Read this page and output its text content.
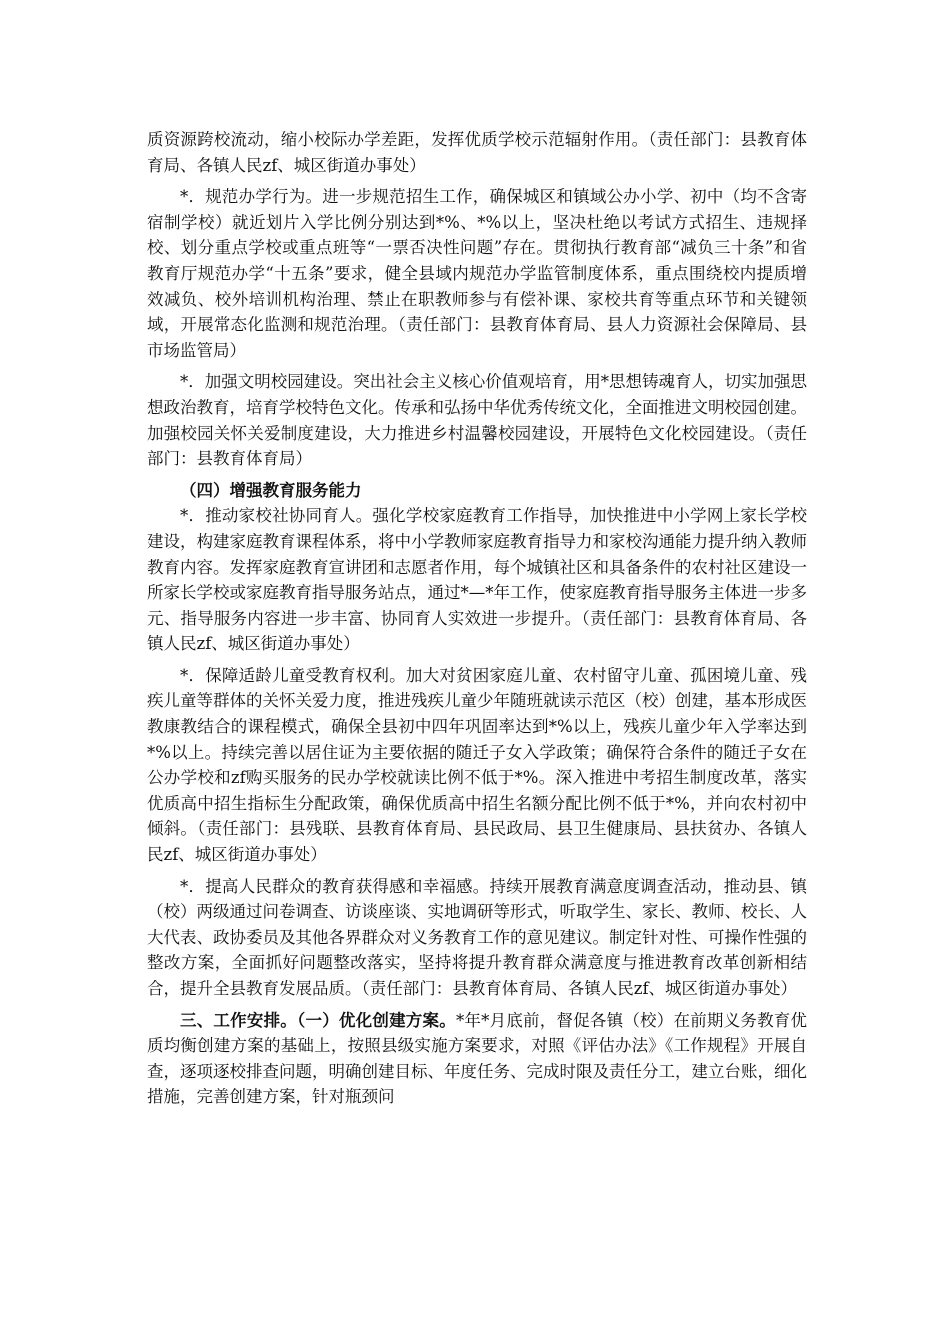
质资源跨校流动，缩小校际办学差距，发挥优质学校示范辐射作用。（责任部门：县教育体育局、各镇人民zf、城区街道办事处）

*．规范办学行为。进一步规范招生工作，确保城区和镇域公办小学、初中（均不含寄宿制学校）就近划片入学比例分别达到*%、*%以上，坚决杜绝以考试方式招生、违规择校、划分重点学校或重点班等“一票否决性问题”存在。贯彻执行教育部“减负三十条”和省教育厅规范办学“十五条”要求，健全县域内规范办学监管制度体系，重点围绕校内提质增效减负、校外培训机构治理、禁止在职教师参与有偿补课、家校共育等重点环节和关键领域，开展常态化监测和规范治理。（责任部门：县教育体育局、县人力资源社会保障局、县市场监管局）

*．加强文明校园建设。突出社会主义核心价值观培育，用*思想铸魂育人，切实加强思想政治教育，培育学校特色文化。传承和弘扬中华优秀传统文化，全面推进文明校园创建。加强校园关怀关爱制度建设，大力推进乡村温馨校园建设，开展特色文化校园建设。（责任部门：县教育体育局）

（四）增强教育服务能力

*．推动家校社协同育人。强化学校家庭教育工作指导，加快推进中小学网上家长学校建设，构建家庭教育课程体系，将中小学教师家庭教育指导力和家校沟通能力提升纳入教师教育内容。发挥家庭教育宣讲团和志愿者作用，每个城镇社区和具备条件的农村社区建设一所家长学校或家庭教育指导服务站点，通过*—*年工作，使家庭教育指导服务主体进一步多元、指导服务内容进一步丰富、协同育人实效进一步提升。（责任部门：县教育体育局、各镇人民zf、城区街道办事处）

*．保障适龄儿童受教育权利。加大对贫困家庭儿童、农村留守儿童、孤困境儿童、残疾儿童等群体的关怀关爱力度，推进残疾儿童少年随班就读示范区（校）创建，基本形成医教康教结合的课程模式，确保全县初中四年巩固率达到*%以上，残疾儿童少年入学率达到*%以上。持续完善以居住证为主要依据的随迁子女入学政策；确保符合条件的随迁子女在公办学校和zf购买服务的民办学校就读比例不低于*%。深入推进中考招生制度改革，落实优质高中招生指标生分配政策，确保优质高中招生名额分配比例不低于*%，并向农村初中倾斜。（责任部门：县残联、县教育体育局、县民政局、县卫生健康局、县扶贫办、各镇人民zf、城区街道办事处）

*．提高人民群众的教育获得感和幸福感。持续开展教育满意度调查活动，推动县、镇（校）两级通过问卷调查、访谈座谈、实地调研等形式，听取学生、家长、教师、校长、人大代表、政协委员及其他各界群众对义务教育工作的意见建议。制定针对性、可操作性强的整改方案，全面抓好问题整改落实，坚持将提升教育群众满意度与推进教育改革创新相结合，提升全县教育发展品质。（责任部门：县教育体育局、各镇人民zf、城区街道办事处）

三、工作安排。（一）优化创建方案。*年*月底前，督促各镇（校）在前期义务教育优质均衡创建方案的基础上，按照县级实施方案要求，对照《评估办法》《工作规程》开展自查，逐项逐校排查问题，明确创建目标、年度任务、完成时限及责任分工，建立台账，细化措施，完善创建方案，针对瓶颈问
